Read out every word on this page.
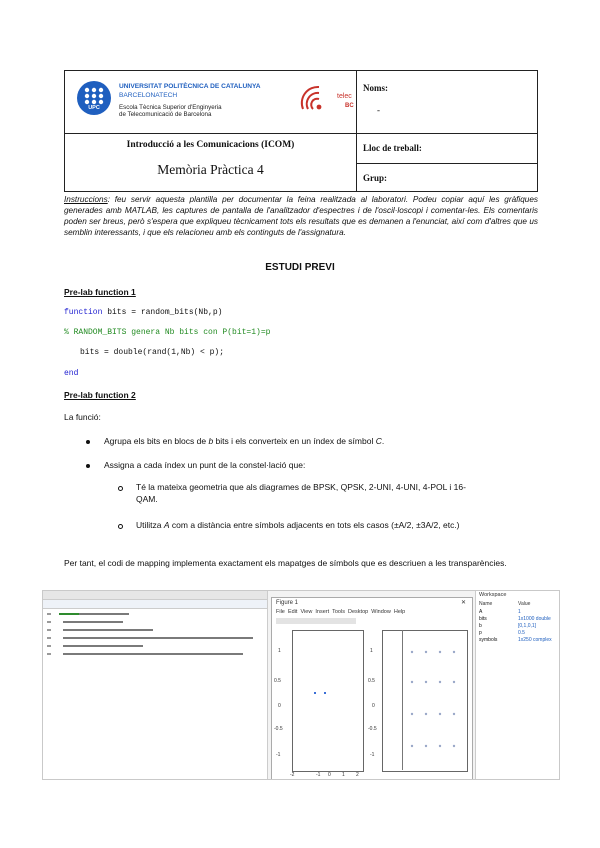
UPC
UNIVERSITAT POLITÈCNICA DE CATALUNYA
BARCELONATECH
Escola Tècnica Superior d'Enginyeria
de Telecomunicació de Barcelona
telec
BC
Introducció a les Comunicacions (ICOM)
Memòria Pràctica 4
Noms:
-
Lloc de treball:
Grup:
Instruccions: feu servir aquesta plantilla per documentar la feina realitzada al laboratori. Podeu copiar aquí les gràfiques generades amb MATLAB, les captures de pantalla de l'analitzador d'espectres i de l'oscil·loscopi i comentar-les. Els comentaris poden ser breus, però s'espera que expliqueu tècnicament tots els resultats que es demanen a l'enunciat, així com d'altres que us semblin interessants, i que els relacioneu amb els continguts de l'assignatura.
ESTUDI PREVI
Pre-lab function 1
function bits = random_bits(Nb,p)
% RANDOM_BITS genera Nb bits con P(bit=1)=p
bits = double(rand(1,Nb) < p);
end
Pre-lab function 2
La funció:
Agrupa els bits en blocs de b bits i els converteix en un índex de símbol C.
Assigna a cada índex un punt de la constel·lació que:
Té la mateixa geometria que als diagrames de BPSK, QPSK, 2-UNI, 4-UNI, 4-POL i 16-QAM.
Utilitza A com a distància entre símbols adjacents en tots els casos (±A/2, ±3A/2, etc.)
Per tant, el codi de mapping implementa exactament els mapatges de símbols que es descriuen a les transparències.
Figure 1	✕
File Edit View Insert Tools Desktop Window Help
1
0.5
0
-0.5
-1
1
0.5
0
-0.5
-1
-2	-1 0 1 2
Workspace
Name	Value
A	1
bits	1x1000 double
b	[0,1,0,1]
p	0.5
symbols	1x250 complex
